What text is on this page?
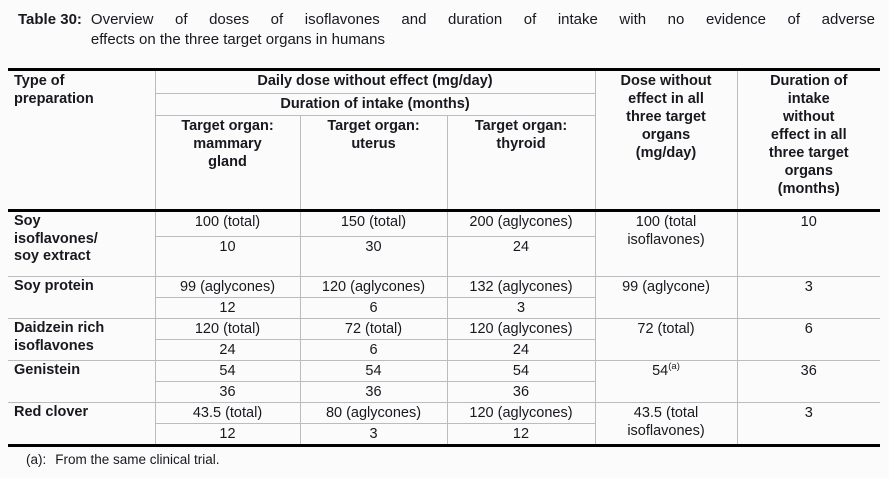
Table 30: Overview of doses of isoflavones and duration of intake with no evidence of adverse
effects on the three target organs in humans
Type of preparation	Daily dose without effect (mg/day)			Dose without effect in all three target organs (mg/day)	Duration of intake without effect in all three target organs (months)
	Duration of intake (months)				
	Target organ: mammary gland	Target organ: uterus	Target organ: thyroid		

Soy
isoflavones/
soy extract	100 (total)	150 (total)	200 (aglycones)	100 (total isoflavones)	10
	10	30	24		

Soy protein	99 (aglycones)	120 (aglycones)	132 (aglycones)	99 (aglycone)	3
	12	6	3		

Daidzein rich
isoflavones	120 (total)	72 (total)	120 (aglycones)	72 (total)	6
	24	6	24		

Genistein	54	54	54	54$^{(a)}$	36
	36	36	36		

Red clover	43.5 (total)	80 (aglycones)	120 (aglycones)	43.5 (total isoflavones)	3
	12	3	12		
(a): From the same clinical trial.
